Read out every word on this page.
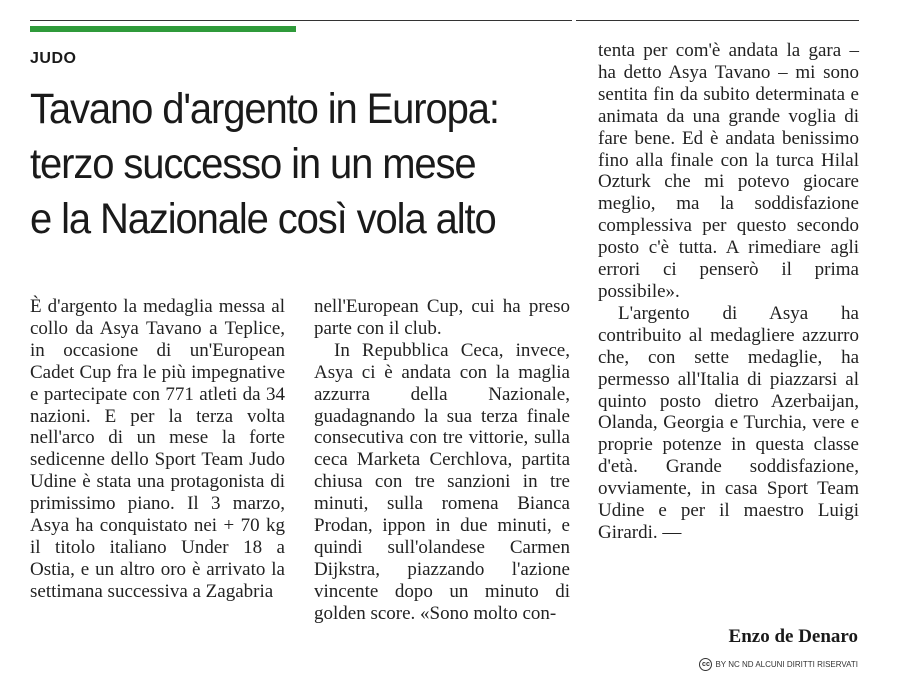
JUDO
Tavano d'argento in Europa:
terzo successo in un mese
e la Nazionale così vola alto

È d'argento la medaglia messa al collo da Asya Tavano a Teplice, in occasione di un'European Cadet Cup fra le più impegnative e partecipate con 771 atleti da 34 nazioni. E per la terza volta nell'arco di un mese la forte sedicenne dello Sport Team Judo Udine è stata una protagonista di primissimo piano. Il 3 marzo, Asya ha conquistato nei + 70 kg il titolo italiano Under 18 a Ostia, e un altro oro è arrivato la settimana successiva a Zagabria

nell'European Cup, cui ha preso parte con il club.

In Repubblica Ceca, invece, Asya ci è andata con la maglia azzurra della Nazionale, guadagnando la sua terza finale consecutiva con tre vittorie, sulla ceca Marketa Cerchlova, partita chiusa con tre sanzioni in tre minuti, sulla romena Bianca Prodan, ippon in due minuti, e quindi sull'olandese Carmen Dijkstra, piazzando l'azione vincente dopo un minuto di golden score. «Sono molto con-

tenta per com'è andata la gara – ha detto Asya Tavano – mi sono sentita fin da subito determinata e animata da una grande voglia di fare bene. Ed è andata benissimo fino alla finale con la turca Hilal Ozturk che mi potevo giocare meglio, ma la soddisfazione complessiva per questo secondo posto c'è tutta. A rimediare agli errori ci penserò il prima possibile».

L'argento di Asya ha contribuito al medagliere azzurro che, con sette medaglie, ha permesso all'Italia di piazzarsi al quinto posto dietro Azerbaijan, Olanda, Georgia e Turchia, vere e proprie potenze in questa classe d'età. Grande soddisfazione, ovviamente, in casa Sport Team Udine e per il maestro Luigi Girardi. —

Enzo de Denaro
cc BY NC ND ALCUNI DIRITTI RISERVATI
